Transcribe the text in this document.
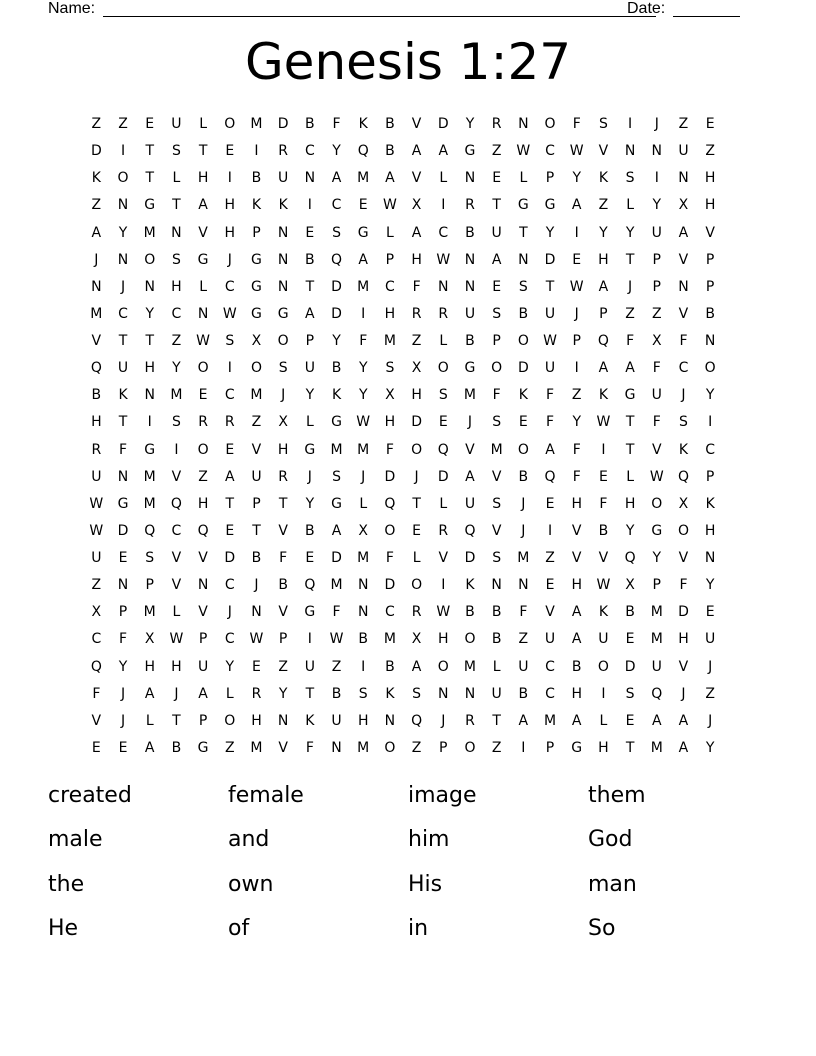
Name:	Date:
Genesis 1:27
Z	Z	E	U	L	O	M	D	B	F	K	B	V	D	Y	R	N	O	F	S	I	J	Z	E
D	I	T	S	T	E	I	R	C	Y	Q	B	A	A	G	Z	W	C	W	V	N	N	U	Z
K	O	T	L	H	I	B	U	N	A	M	A	V	L	N	E	L	P	Y	K	S	I	N	H
Z	N	G	T	A	H	K	K	I	C	E	W	X	I	R	T	G	G	A	Z	L	Y	X	H
A	Y	M	N	V	H	P	N	E	S	G	L	A	C	B	U	T	Y	I	Y	Y	U	A	V
J	N	O	S	G	J	G	N	B	Q	A	P	H	W	N	A	N	D	E	H	T	P	V	P
N	J	N	H	L	C	G	N	T	D	M	C	F	N	N	E	S	T	W	A	J	P	N	P
M	C	Y	C	N	W	G	G	A	D	I	H	R	R	U	S	B	U	J	P	Z	Z	V	B
V	T	T	Z	W	S	X	O	P	Y	F	M	Z	L	B	P	O	W	P	Q	F	X	F	N
Q	U	H	Y	O	I	O	S	U	B	Y	S	X	O	G	O	D	U	I	A	A	F	C	O
B	K	N	M	E	C	M	J	Y	K	Y	X	H	S	M	F	K	F	Z	K	G	U	J	Y
H	T	I	S	R	R	Z	X	L	G	W	H	D	E	J	S	E	F	Y	W	T	F	S	I
R	F	G	I	O	E	V	H	G	M	M	F	O	Q	V	M	O	A	F	I	T	V	K	C
U	N	M	V	Z	A	U	R	J	S	J	D	J	D	A	V	B	Q	F	E	L	W	Q	P
W	G	M	Q	H	T	P	T	Y	G	L	Q	T	L	U	S	J	E	H	F	H	O	X	K
W	D	Q	C	Q	E	T	V	B	A	X	O	E	R	Q	V	J	I	V	B	Y	G	O	H
U	E	S	V	V	D	B	F	E	D	M	F	L	V	D	S	M	Z	V	V	Q	Y	V	N
Z	N	P	V	N	C	J	B	Q	M	N	D	O	I	K	N	N	E	H	W	X	P	F	Y
X	P	M	L	V	J	N	V	G	F	N	C	R	W	B	B	F	V	A	K	B	M	D	E
C	F	X	W	P	C	W	P	I	W	B	M	X	H	O	B	Z	U	A	U	E	M	H	U
Q	Y	H	H	U	Y	E	Z	U	Z	I	B	A	O	M	L	U	C	B	O	D	U	V	J
F	J	A	J	A	L	R	Y	T	B	S	K	S	N	N	U	B	C	H	I	S	Q	J	Z
V	J	L	T	P	O	H	N	K	U	H	N	Q	J	R	T	A	M	A	L	E	A	A	J
E	E	A	B	G	Z	M	V	F	N	M	O	Z	P	O	Z	I	P	G	H	T	M	A	Y
created	female	image	them
male	and	him	God
the	own	His	man
He	of	in	So
